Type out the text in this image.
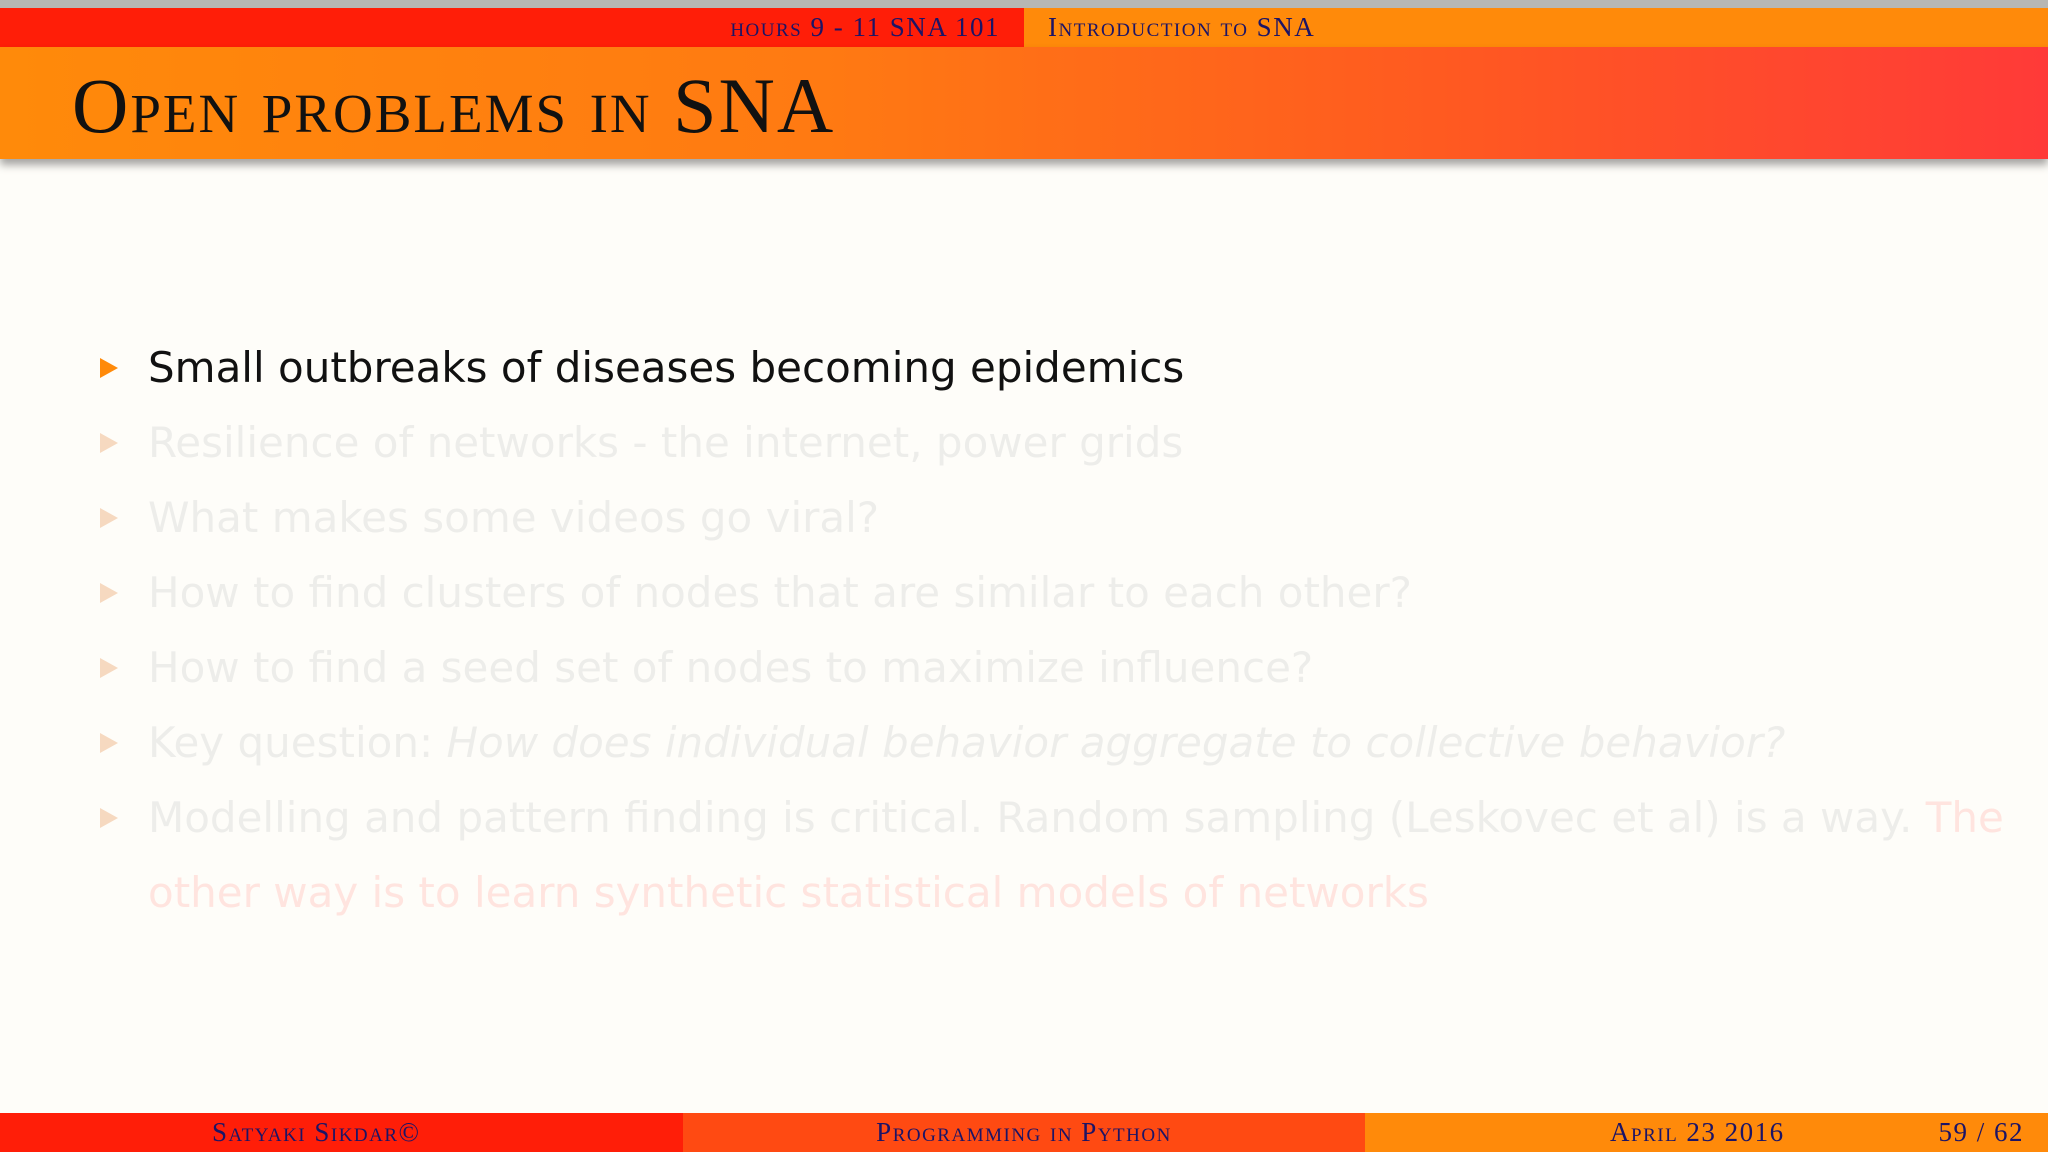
hours 9 - 11 SNA 101 Introduction to SNA
Open problems in SNA
Small outbreaks of diseases becoming epidemics
Resilience of networks - the internet, power grids
What makes some videos go viral?
How to find clusters of nodes that are similar to each other?
How to find a seed set of nodes to maximize influence?
Key question: How does individual behavior aggregate to collective behavior?
Modelling and pattern finding is critical. Random sampling (Leskovec et al) is a way. The other way is to learn synthetic statistical models of networks
Satyaki Sikdar©	Programming in Python	April 23 2016	59 / 62
